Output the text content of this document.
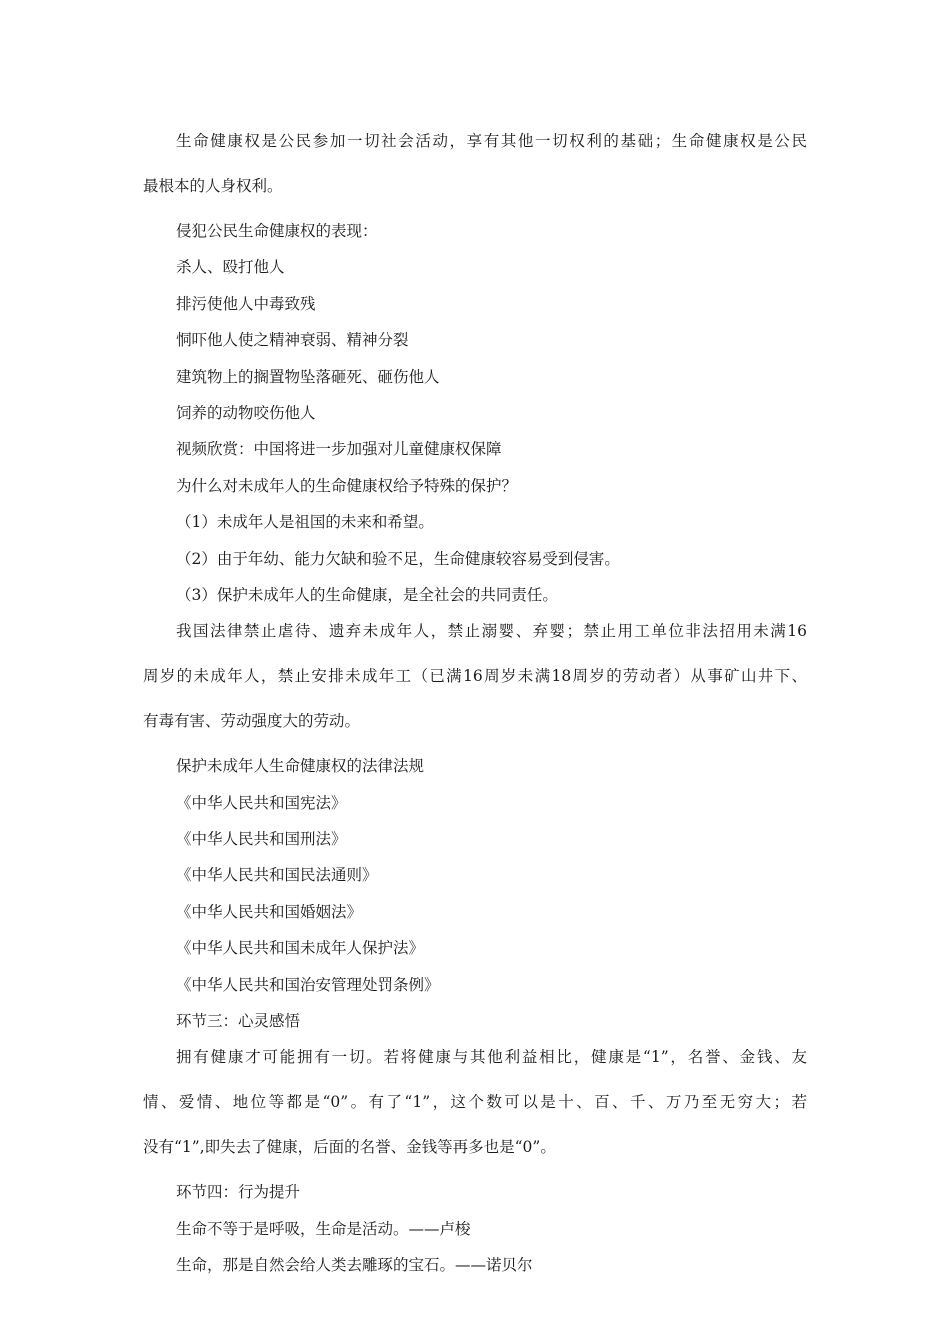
生命健康权是公民参加一切社会活动，享有其他一切权利的基础；生命健康权是公民
最根本的人身权利。
侵犯公民生命健康权的表现：
杀人、殴打他人
排污使他人中毒致残
恫吓他人使之精神衰弱、精神分裂
建筑物上的搁置物坠落砸死、砸伤他人
饲养的动物咬伤他人
视频欣赏：中国将进一步加强对儿童健康权保障
为什么对未成年人的生命健康权给予特殊的保护？
（1）未成年人是祖国的未来和希望。
（2）由于年幼、能力欠缺和验不足，生命健康较容易受到侵害。
（3）保护未成年人的生命健康，是全社会的共同责任。
我国法律禁止虐待、遗弃未成年人，禁止溺婴、弃婴；禁止用工单位非法招用未满16
周岁的未成年人，禁止安排未成年工（已满16周岁未满18周岁的劳动者）从事矿山井下、
有毒有害、劳动强度大的劳动。
保护未成年人生命健康权的法律法规
《中华人民共和国宪法》
《中华人民共和国刑法》
《中华人民共和国民法通则》
《中华人民共和国婚姻法》
《中华人民共和国未成年人保护法》
《中华人民共和国治安管理处罚条例》
环节三：心灵感悟
拥有健康才可能拥有一切。若将健康与其他利益相比，健康是“1”，名誉、金钱、友
情、爱情、地位等都是“0”。有了“1”，这个数可以是十、百、千、万乃至无穷大；若
没有“1”,即失去了健康，后面的名誉、金钱等再多也是“0”。
环节四：行为提升
生命不等于是呼吸，生命是活动。——卢梭
生命，那是自然会给人类去雕琢的宝石。——诺贝尔
